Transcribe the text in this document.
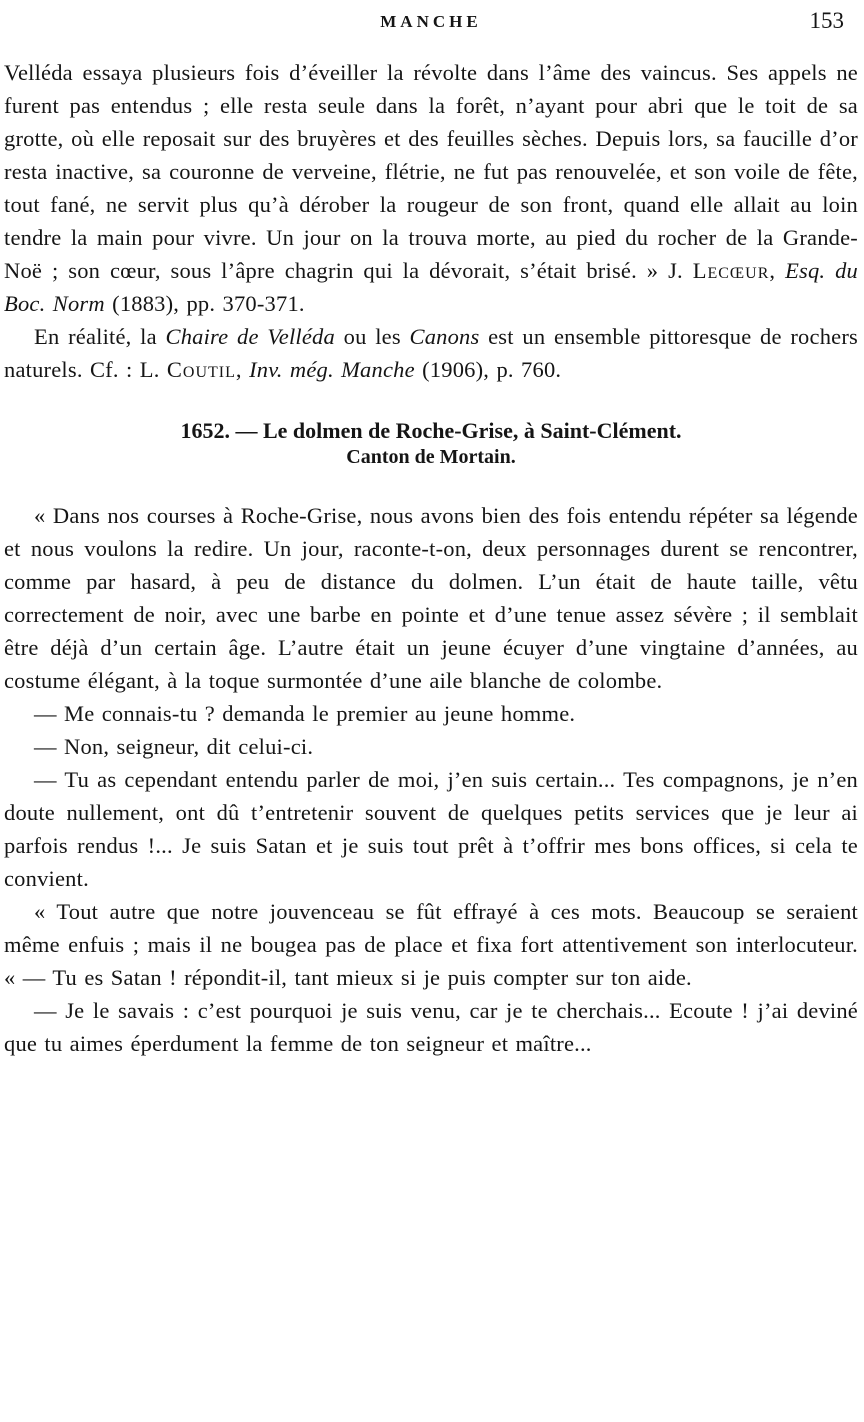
MANCHE	153

Velléda essaya plusieurs fois d’éveiller la révolte dans l’âme des vaincus. Ses appels ne furent pas entendus ; elle resta seule dans la forêt, n’ayant pour abri que le toit de sa grotte, où elle reposait sur des bruyères et des feuilles sèches. Depuis lors, sa faucille d’or resta inactive, sa couronne de verveine, flétrie, ne fut pas renouvelée, et son voile de fête, tout fané, ne servit plus qu’à dérober la rougeur de son front, quand elle allait au loin tendre la main pour vivre. Un jour on la trouva morte, au pied du rocher de la Grande-Noë ; son cœur, sous l’âpre chagrin qui la dévorait, s’était brisé. » J. Lecœur, Esq. du Boc. Norm (1883), pp. 370-371.

En réalité, la Chaire de Velléda ou les Canons est un ensemble pittoresque de rochers naturels. Cf. : L. Coutil, Inv. még. Manche (1906), p. 760.

1652. — Le dolmen de Roche-Grise, à Saint-Clément.
Canton de Mortain.

« Dans nos courses à Roche-Grise, nous avons bien des fois entendu répéter sa légende et nous voulons la redire. Un jour, raconte-t-on, deux personnages durent se rencontrer, comme par hasard, à peu de distance du dolmen. L’un était de haute taille, vêtu correctement de noir, avec une barbe en pointe et d’une tenue assez sévère ; il semblait être déjà d’un certain âge. L’autre était un jeune écuyer d’une vingtaine d’années, au costume élégant, à la toque surmontée d’une aile blanche de colombe.

— Me connais-tu ? demanda le premier au jeune homme.

— Non, seigneur, dit celui-ci.

— Tu as cependant entendu parler de moi, j’en suis certain... Tes compagnons, je n’en doute nullement, ont dû t’entretenir souvent de quelques petits services que je leur ai parfois rendus !... Je suis Satan et je suis tout prêt à t’offrir mes bons offices, si cela te convient.

« Tout autre que notre jouvenceau se fût effrayé à ces mots. Beaucoup se seraient même enfuis ; mais il ne bougea pas de place et fixa fort attentivement son interlocuteur. « — Tu es Satan ! répondit-il, tant mieux si je puis compter sur ton aide.

— Je le savais : c’est pourquoi je suis venu, car je te cherchais... Ecoute ! j’ai deviné que tu aimes éperdument la femme de ton seigneur et maître...
